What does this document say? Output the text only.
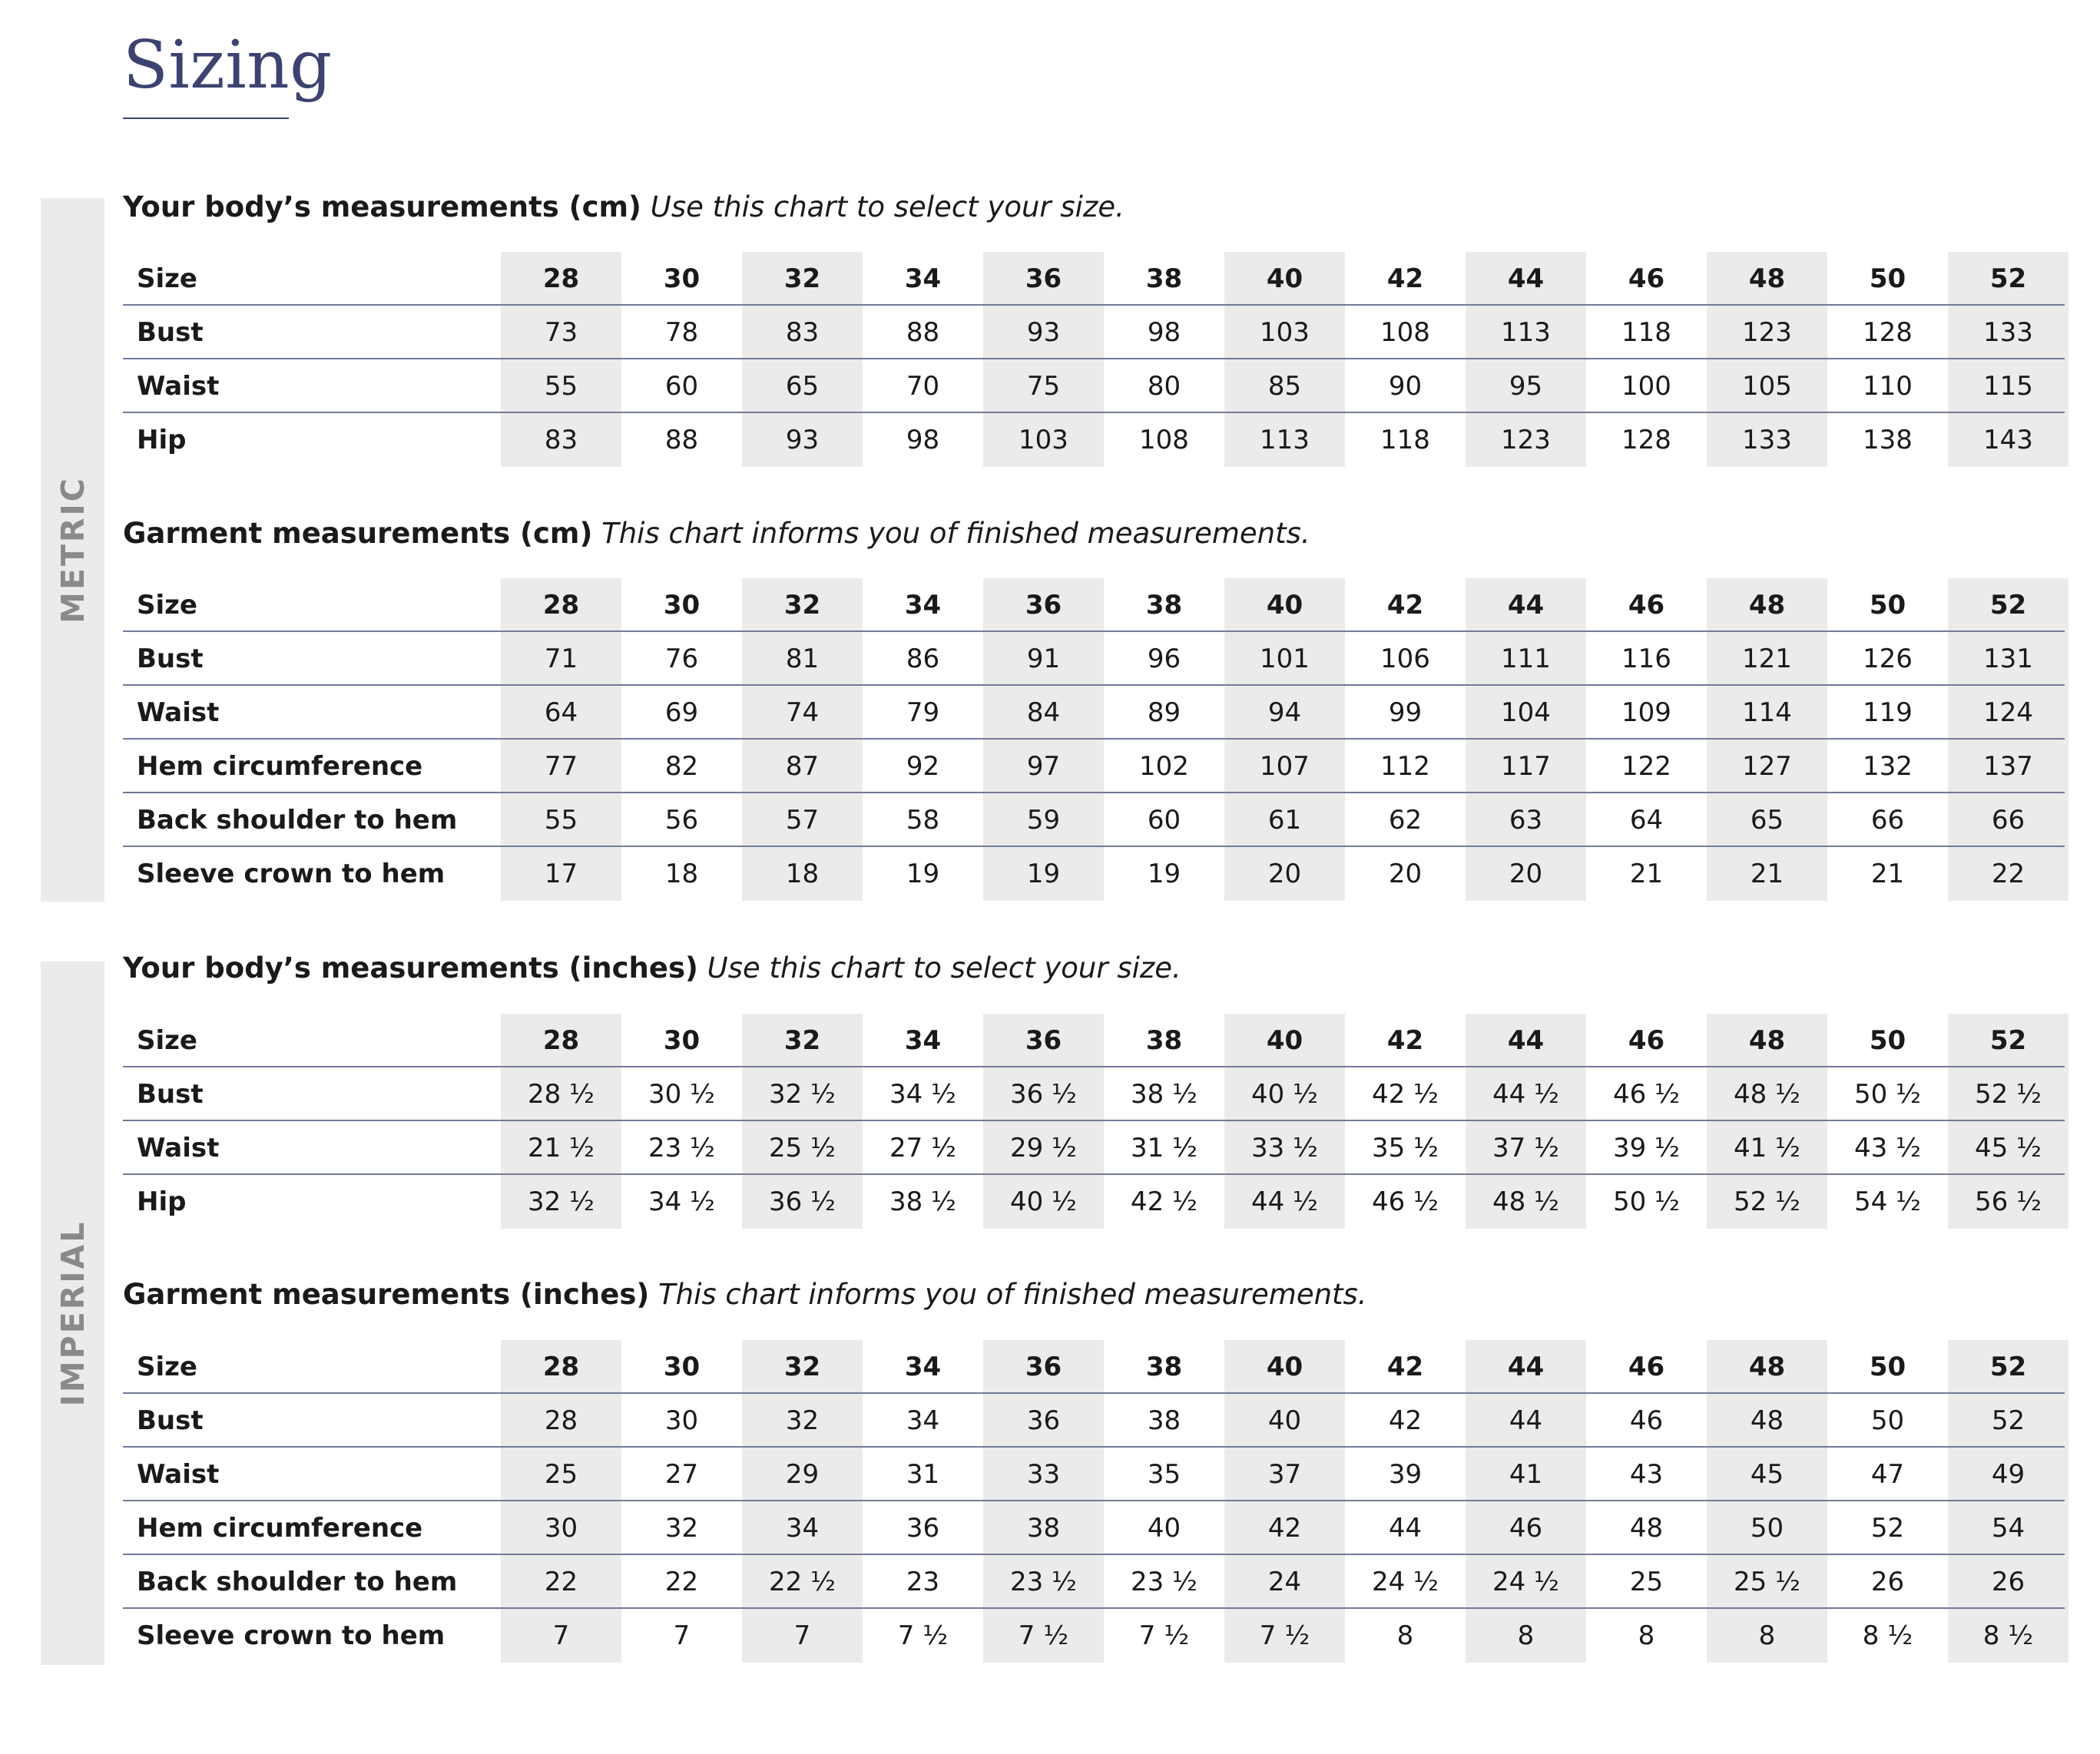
Sizing
METRIC
IMPERIAL
Your body’s measurements (cm) Use this chart to select your size.
Size	28	30	32	34	36	38	40	42	44	46	48	50	52
Bust	73	78	83	88	93	98	103	108	113	118	123	128	133
Waist	55	60	65	70	75	80	85	90	95	100	105	110	115
Hip	83	88	93	98	103	108	113	118	123	128	133	138	143
Garment measurements (cm) This chart informs you of finished measurements.
Size	28	30	32	34	36	38	40	42	44	46	48	50	52
Bust	71	76	81	86	91	96	101	106	111	116	121	126	131
Waist	64	69	74	79	84	89	94	99	104	109	114	119	124
Hem circumference	77	82	87	92	97	102	107	112	117	122	127	132	137
Back shoulder to hem	55	56	57	58	59	60	61	62	63	64	65	66	66
Sleeve crown to hem	17	18	18	19	19	19	20	20	20	21	21	21	22
Your body’s measurements (inches) Use this chart to select your size.
Size	28	30	32	34	36	38	40	42	44	46	48	50	52
Bust	28 ½	30 ½	32 ½	34 ½	36 ½	38 ½	40 ½	42 ½	44 ½	46 ½	48 ½	50 ½	52 ½
Waist	21 ½	23 ½	25 ½	27 ½	29 ½	31 ½	33 ½	35 ½	37 ½	39 ½	41 ½	43 ½	45 ½
Hip	32 ½	34 ½	36 ½	38 ½	40 ½	42 ½	44 ½	46 ½	48 ½	50 ½	52 ½	54 ½	56 ½
Garment measurements (inches) This chart informs you of finished measurements.
Size	28	30	32	34	36	38	40	42	44	46	48	50	52
Bust	28	30	32	34	36	38	40	42	44	46	48	50	52
Waist	25	27	29	31	33	35	37	39	41	43	45	47	49
Hem circumference	30	32	34	36	38	40	42	44	46	48	50	52	54
Back shoulder to hem	22	22	22 ½	23	23 ½	23 ½	24	24 ½	24 ½	25	25 ½	26	26
Sleeve crown to hem	7	7	7	7 ½	7 ½	7 ½	7 ½	8	8	8	8	8 ½	8 ½
